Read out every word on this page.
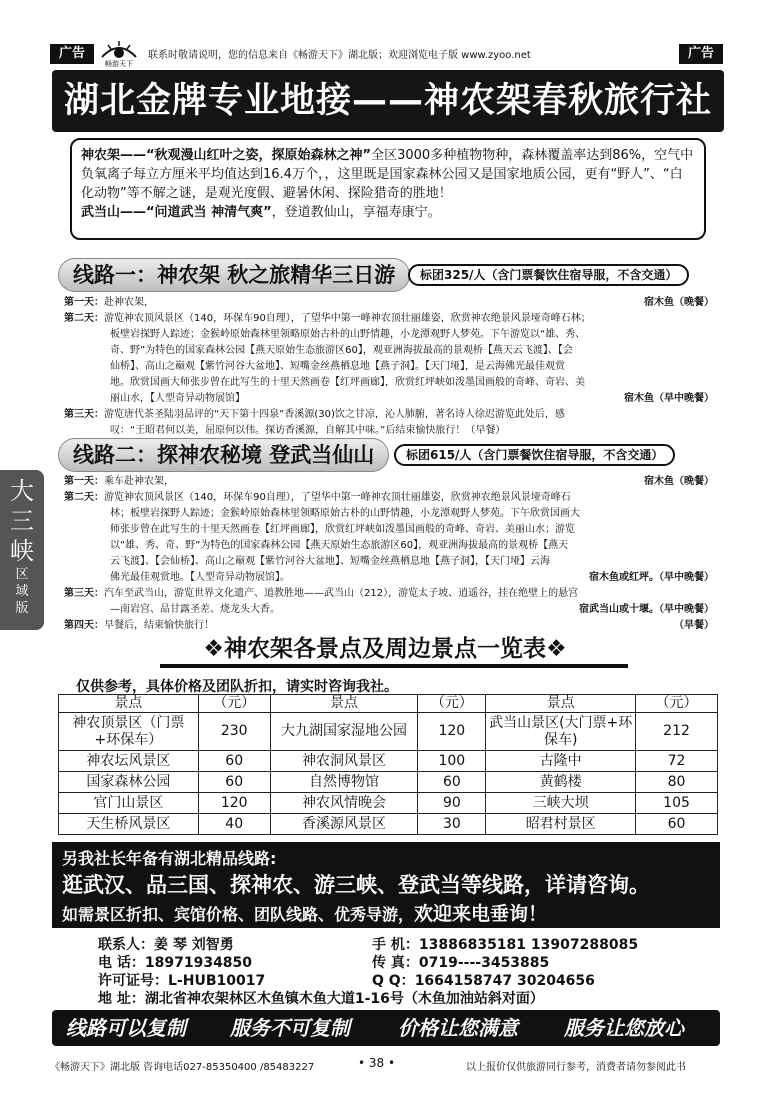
广告
畅游天下
联系时敬请说明，您的信息来自《畅游天下》湖北版；欢迎浏览电子版 www.zyoo.net	广告
湖北金牌专业地接——神农架春秋旅行社
神农架——“秋观漫山红叶之姿，探原始森林之神”全区3000多种植物物种，森林覆盖率达到86%，空气中负氧离子每立方厘米平均值达到16.4万个，，这里既是国家森林公园又是国家地质公园，更有“野人”、“白化动物”等不解之谜，是观光度假、避暑休闲、探险猎奇的胜地！
武当山——“问道武当 神清气爽”，登道教仙山，享福寿康宁。
线路一：神农架 秋之旅精华三日游	标团325/人（含门票餐饮住宿导服，不含交通）
第一天：赴神农架，	宿木鱼（晚餐）
第二天：游览神农顶风景区（140，环保车90自理），了望华中第一峰神农顶壮丽雄姿，欣赏神农绝景风景垭奇峰石林；
板壁岩探野人踪迹；金猴岭原始森林里领略原始古朴的山野情趣，小龙潭观野人梦苑。下午游览以“雄、秀、
奇、野”为特色的国家森林公园【燕天原始生态旅游区60】，观亚洲海拔最高的景观桥【燕天云飞渡】、【会
仙桥】、高山之巅观【紫竹河谷大盆地】、短嘴金丝燕栖息地【燕子洞】。【天门垭】，是云海佛光最佳观赏
地。欣赏国画大师张步曾在此写生的十里天然画卷【红坪画廊】，欣赏红坪峡如泼墨国画般的奇峰、奇岩、美
丽山水，【人型奇异动物展馆】	宿木鱼（早中晚餐）
第三天：游览唐代茶圣陆羽品评的“天下第十四泉”香溪源(30)饮之甘凉，沁人肺腑，著名诗人徐迟游览此处后，感
叹：“王昭君何以美，屈原何以伟。探访香溪源，自解其中味。”后结束愉快旅行！（早餐）
线路二：探神农秘境 登武当仙山	标团615/人（含门票餐饮住宿导服，不含交通）
第一天：乘车赴神农架，	宿木鱼（晚餐）
第二天：游览神农顶风景区（140，环保车90自理），了望华中第一峰神农顶壮丽雄姿，欣赏神农绝景风景垭奇峰石
林；板壁岩探野人踪迹；金猴岭原始森林里领略原始古朴的山野情趣，小龙潭观野人梦苑。下午欣赏国画大
师张步曾在此写生的十里天然画卷【红坪画廊】，欣赏红坪峡如泼墨国画般的奇峰、奇岩、美丽山水；游览
以“雄、秀、奇、野”为特色的国家森林公园【燕天原始生态旅游区60】，观亚洲海拔最高的景观桥【燕天
云飞渡】、【会仙桥】、高山之巅观【紫竹河谷大盆地】、短嘴金丝燕栖息地【燕子洞】，【天门垭】云海
佛光最佳观赏地。【人型奇异动物展馆】。	宿木鱼或红坪。（早中晚餐）
第三天：汽车至武当山，游览世界文化遗产、道教胜地——武当山（212），游览太子坡、逍遥谷，挂在绝壁上的悬宫
—南岩宫、品甘露圣差、烧龙头大香。	宿武当山或十堰。（早中晚餐）
第四天：早餐后，结束愉快旅行！	（早餐）
大
三
峡
区
域
版
❖神农架各景点及周边景点一览表❖
仅供参考，具体价格及团队折扣，请实时咨询我社。
景点	（元）	景点	（元）	景点	（元）
神农顶景区（门票+环保车）	230	大九湖国家湿地公园	120	武当山景区(大门票+环保车)	212
神农坛风景区	60	神农洞风景区	100	古隆中	72
国家森林公园	60	自然博物馆	60	黄鹤楼	80
官门山景区	120	神农风情晚会	90	三峡大坝	105
天生桥风景区	40	香溪源风景区	30	昭君村景区	60
另我社长年备有湖北精品线路:
逛武汉、品三国、探神农、游三峡、登武当等线路，详请咨询。
如需景区折扣、宾馆价格、团队线路、优秀导游，欢迎来电垂询！
联系人：姜 琴 刘智勇	手 机：13886835181 13907288085
电 话：18971934850	传 真：0719----3453885
许可证号：L-HUB10017	Q Q：1664158747 30204656
地 址：湖北省神农架林区木鱼镇木鱼大道1-16号（木鱼加油站斜对面）
线路可以复制 服务不可复制 价格让您满意 服务让您放心
《畅游天下》湖北版 咨询电话027-85350400 /85483227	• 38 •	以上报价仅供旅游同行参考，消费者请勿参阅此书
